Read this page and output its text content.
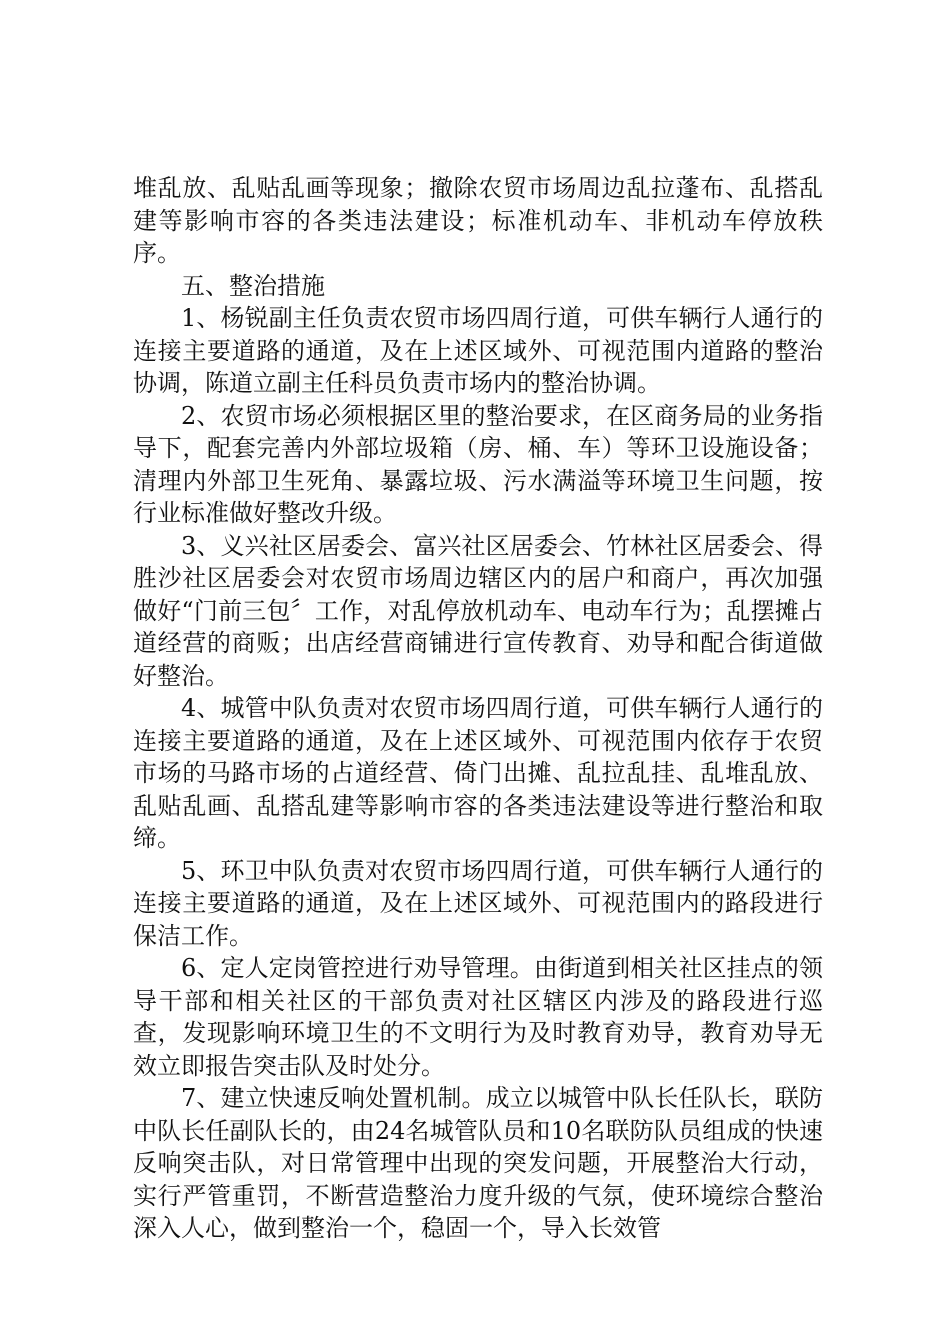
堆乱放、乱贴乱画等现象；撤除农贸市场周边乱拉蓬布、乱搭乱建等影响市容的各类违法建设；标准机动车、非机动车停放秩序。

五、整治措施

1、杨锐副主任负责农贸市场四周行道，可供车辆行人通行的连接主要道路的通道，及在上述区域外、可视范围内道路的整治协调，陈道立副主任科员负责市场内的整治协调。

2、农贸市场必须根据区里的整治要求，在区商务局的业务指导下，配套完善内外部垃圾箱（房、桶、车）等环卫设施设备；清理内外部卫生死角、暴露垃圾、污水满溢等环境卫生问题，按行业标准做好整改升级。

3、义兴社区居委会、富兴社区居委会、竹林社区居委会、得胜沙社区居委会对农贸市场周边辖区内的居户和商户，再次加强做好“门前三包〞工作，对乱停放机动车、电动车行为；乱摆摊占道经营的商贩；出店经营商铺进行宣传教育、劝导和配合街道做好整治。

4、城管中队负责对农贸市场四周行道，可供车辆行人通行的连接主要道路的通道，及在上述区域外、可视范围内依存于农贸市场的马路市场的占道经营、倚门出摊、乱拉乱挂、乱堆乱放、乱贴乱画、乱搭乱建等影响市容的各类违法建设等进行整治和取缔。

5、环卫中队负责对农贸市场四周行道，可供车辆行人通行的连接主要道路的通道，及在上述区域外、可视范围内的路段进行保洁工作。

6、定人定岗管控进行劝导管理。由街道到相关社区挂点的领导干部和相关社区的干部负责对社区辖区内涉及的路段进行巡查，发现影响环境卫生的不文明行为及时教育劝导，教育劝导无效立即报告突击队及时处分。

7、建立快速反响处置机制。成立以城管中队长任队长，联防中队长任副队长的，由24名城管队员和10名联防队员组成的快速反响突击队，对日常管理中出现的突发问题，开展整治大行动，实行严管重罚，不断营造整治力度升级的气氛，使环境综合整治深入人心，做到整治一个，稳固一个，导入长效管
